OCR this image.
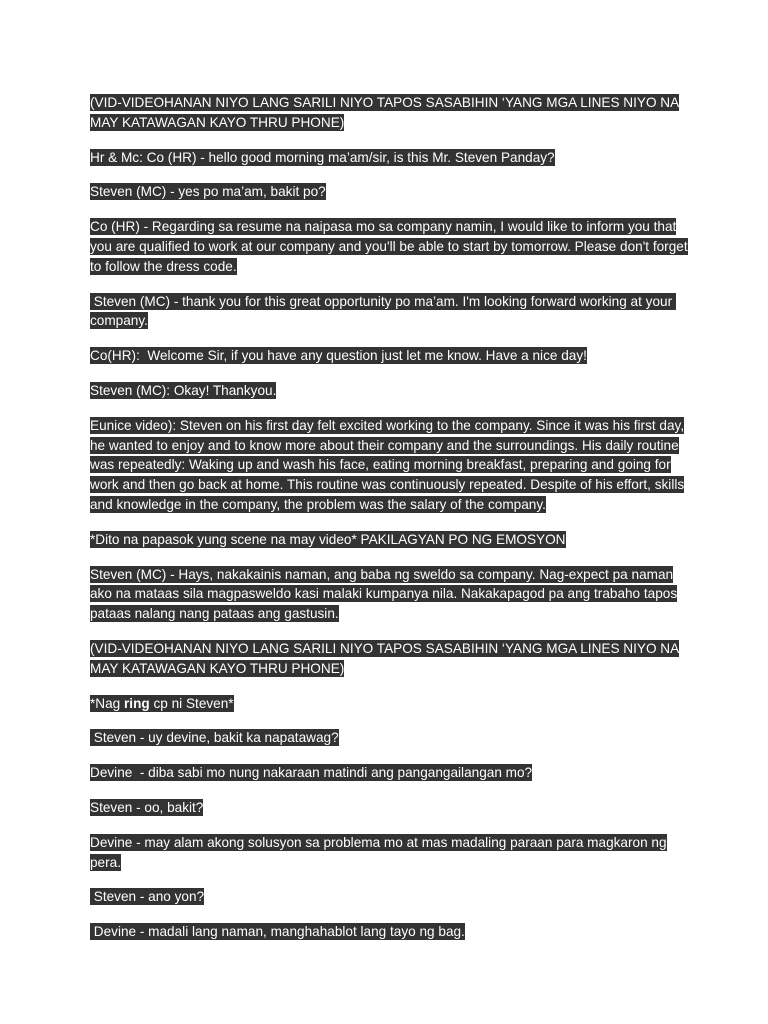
(VID-VIDEOHANAN NIYO LANG SARILI NIYO TAPOS SASABIHIN ‘YANG MGA LINES NIYO NA MAY KATAWAGAN KAYO THRU PHONE)

Hr & Mc: Co (HR) - hello good morning ma’am/sir, is this Mr. Steven Panday?

Steven (MC) - yes po ma’am, bakit po?

Co (HR) - Regarding sa resume na naipasa mo sa company namin, I would like to inform you that you are qualified to work at our company and you'll be able to start by tomorrow. Please don't forget to follow the dress code.

Steven (MC) - thank you for this great opportunity po ma’am. I'm looking forward working at your company.

Co(HR):  Welcome Sir, if you have any question just let me know. Have a nice day!

Steven (MC): Okay! Thankyou.

Eunice video): Steven on his first day felt excited working to the company. Since it was his first day, he wanted to enjoy and to know more about their company and the surroundings. His daily routine was repeatedly: Waking up and wash his face, eating morning breakfast, preparing and going for work and then go back at home. This routine was continuously repeated. Despite of his effort, skills and knowledge in the company, the problem was the salary of the company.

*Dito na papasok yung scene na may video* PAKILAGYAN PO NG EMOSYON

Steven (MC) - Hays, nakakainis naman, ang baba ng sweldo sa company. Nag-expect pa naman ako na mataas sila magpasweldo kasi malaki kumpanya nila. Nakakapagod pa ang trabaho tapos pataas nalang nang pataas ang gastusin.

(VID-VIDEOHANAN NIYO LANG SARILI NIYO TAPOS SASABIHIN ‘YANG MGA LINES NIYO NA MAY KATAWAGAN KAYO THRU PHONE)

*Nag ring cp ni Steven*

Steven - uy devine, bakit ka napatawag?

Devine  - diba sabi mo nung nakaraan matindi ang pangangailangan mo?

Steven - oo, bakit?

Devine - may alam akong solusyon sa problema mo at mas madaling paraan para magkaron ng pera.

Steven - ano yon?

Devine - madali lang naman, manghahablot lang tayo ng bag.
